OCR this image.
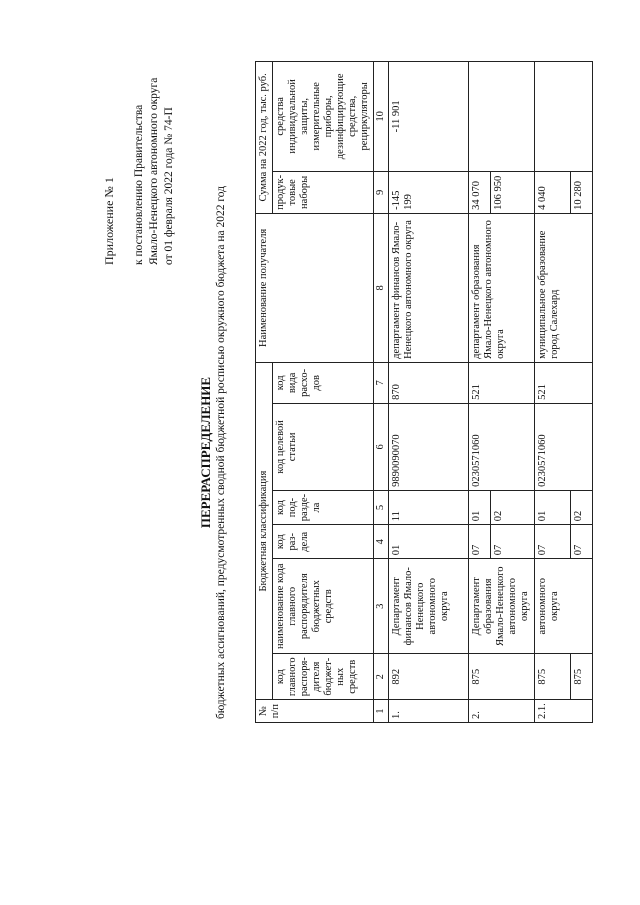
Приложение № 1 к постановлению Правительства Ямало-Ненецкого автономного округа от 01 февраля 2022 года № 74-П
ПЕРЕРАСПРЕДЕЛЕНИЕ бюджетных ассигнований, предусмотренных сводной бюджетной росписью окружного бюджета на 2022 год	№ п/п	Бюджетная классификация						Наименование получателя	Сумма на 2022 год, тыс. руб.	
	код главного распоря-дителя бюджет-ных средств	наименование кода главного распорядителя бюджетных средств	код раз-дела	код под-разде-ла	код целевой статьи	код вида расхо-дов		продук-товые наборы	средства индивидуальной защиты, измерительные приборы, дезинфицирующие средства, рециркуляторы
1	2	3	4	5	6	7	8	9	10
1.	892	Департамент финансов Ямало-Ненецкого автономного округа	01	11	9890090070	870	департамент финансов Ямало-Ненецкого автономного округа	-145 199	-11 901
2.	875	Департамент образования Ямало-Ненецкого автономного округа	07	01	0230571060	521	департамент образования Ямало-Ненецкого автономного округа	34 070	
			07	02				106 950	
2.1.	875	автономного округа	07	01	0230571060	521	муниципальное образование город Салехард	4 040	
	875		07	02				10 280	
